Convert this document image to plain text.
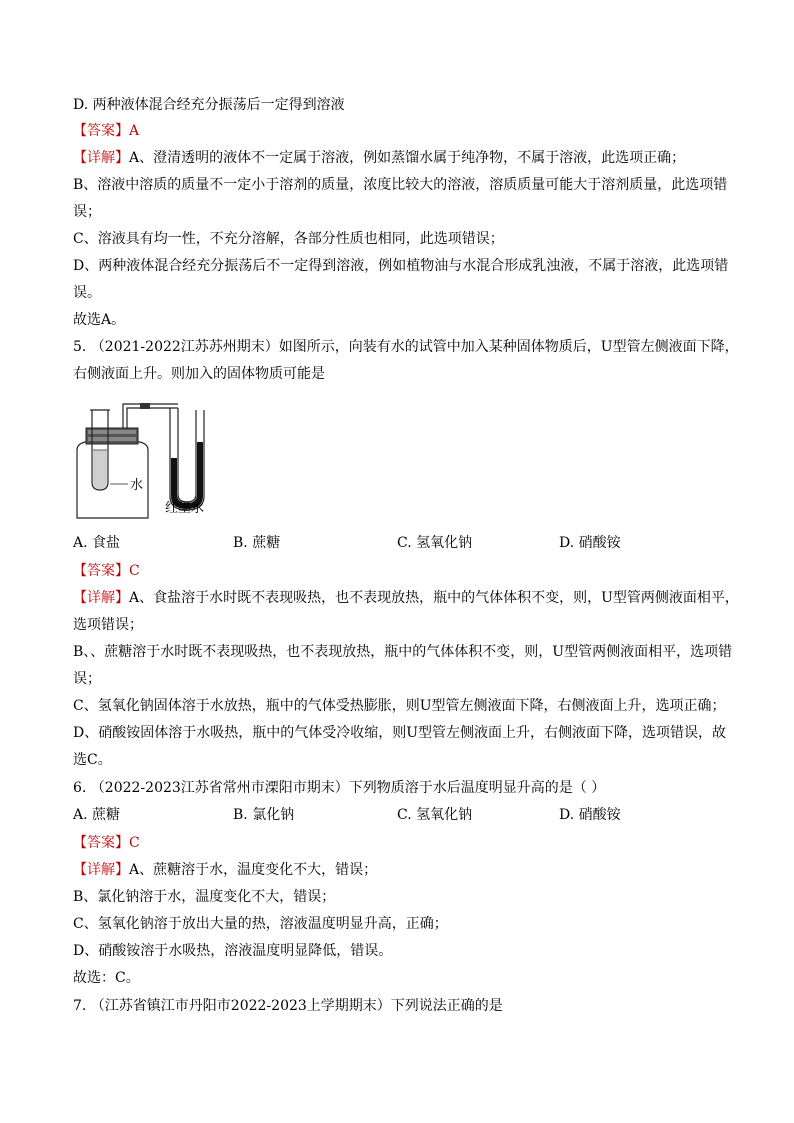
D. 两种液体混合经充分振荡后一定得到溶液
【答案】A
【详解】A、澄清透明的液体不一定属于溶液，例如蒸馏水属于纯净物，不属于溶液，此选项正确；
B、溶液中溶质的质量不一定小于溶剂的质量，浓度比较大的溶液，溶质质量可能大于溶剂质量，此选项错
误；
C、溶液具有均一性，不充分溶解，各部分性质也相同，此选项错误；
D、两种液体混合经充分振荡后不一定得到溶液，例如植物油与水混合形成乳浊液，不属于溶液，此选项错
误。
故选A。
5. （2021-2022江苏苏州期末）如图所示，向装有水的试管中加入某种固体物质后，U型管左侧液面下降，
右侧液面上升。则加入的固体物质可能是
水
红墨水
A. 食盐	B. 蔗糖	C. 氢氧化钠	D. 硝酸铵
【答案】C
【详解】A、食盐溶于水时既不表现吸热，也不表现放热，瓶中的气体体积不变，则，U型管两侧液面相平，
选项错误；
B、、蔗糖溶于水时既不表现吸热，也不表现放热，瓶中的气体体积不变，则，U型管两侧液面相平，选项错
误；
C、氢氧化钠固体溶于水放热，瓶中的气体受热膨胀，则U型管左侧液面下降，右侧液面上升，选项正确；
D、硝酸铵固体溶于水吸热，瓶中的气体受冷收缩，则U型管左侧液面上升，右侧液面下降，选项错误，故
选C。
6. （2022-2023江苏省常州市溧阳市期末）下列物质溶于水后温度明显升高的是（ ）
A. 蔗糖	B. 氯化钠	C. 氢氧化钠	D. 硝酸铵
【答案】C
【详解】A、蔗糖溶于水，温度变化不大，错误；
B、氯化钠溶于水，温度变化不大，错误；
C、氢氧化钠溶于放出大量的热，溶液温度明显升高，正确；
D、硝酸铵溶于水吸热，溶液温度明显降低，错误。
故选：C。
7. （江苏省镇江市丹阳市2022-2023上学期期末）下列说法正确的是
